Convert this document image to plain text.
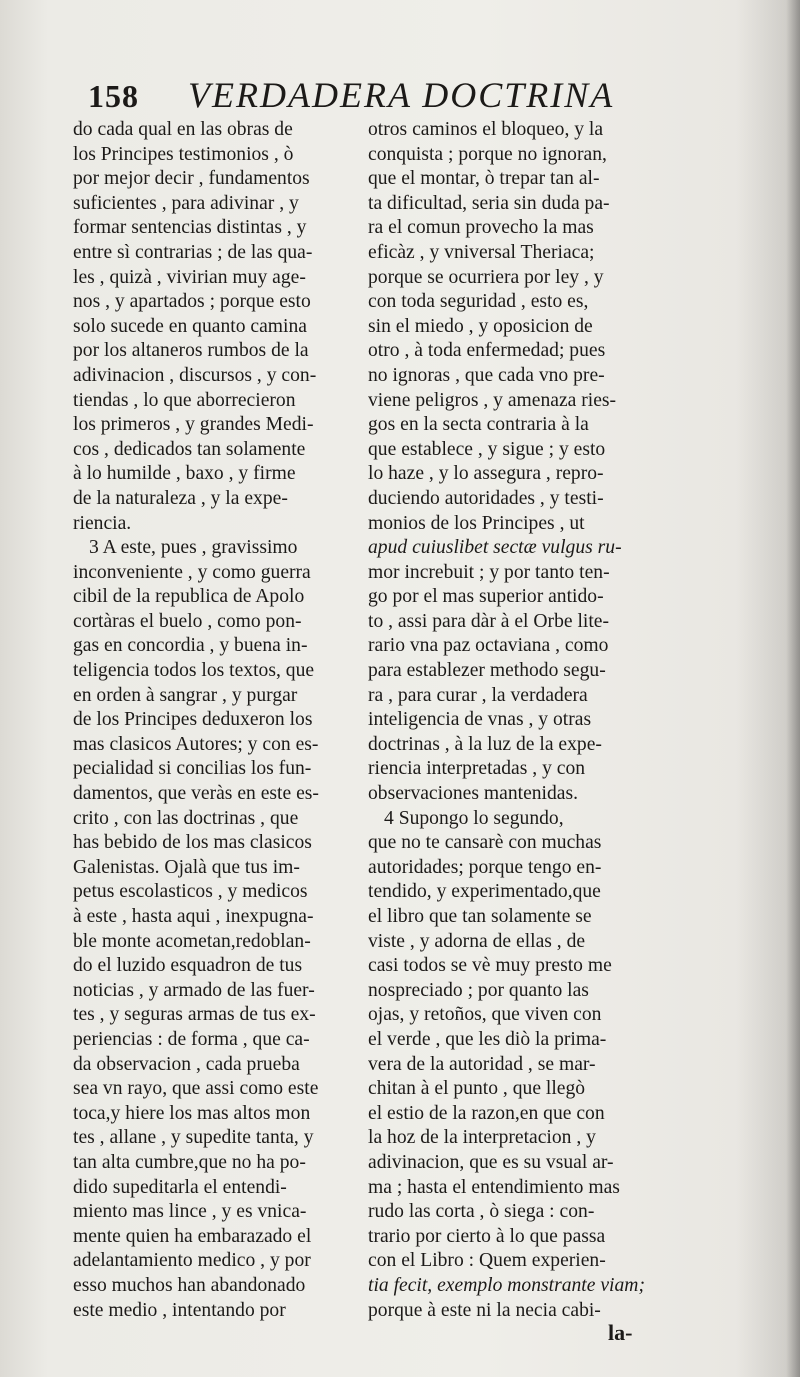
158 VERDADERA DOCTRINA
do cada qual en las obras de
los Principes testimonios , ò
por mejor decir , fundamentos
suficientes , para adivinar , y
formar sentencias distintas , y
entre sì contrarias ; de las qua-
les , quizà , vivirian muy age-
nos , y apartados ; porque esto
solo sucede en quanto camina
por los altaneros rumbos de la
adivinacion , discursos , y con-
tiendas , lo que aborrecieron
los primeros , y grandes Medi-
cos , dedicados tan solamente
à lo humilde , baxo , y firme
de la naturaleza , y la expe-
riencia.
3 A este, pues , gravissimo
inconveniente , y como guerra
cibil de la republica de Apolo
cortàras el buelo , como pon-
gas en concordia , y buena in-
teligencia todos los textos, que
en orden à sangrar , y purgar
de los Principes deduxeron los
mas clasicos Autores; y con es-
pecialidad si concilias los fun-
damentos, que veràs en este es-
crito , con las doctrinas , que
has bebido de los mas clasicos
Galenistas. Ojalà que tus im-
petus escolasticos , y medicos
à este , hasta aqui , inexpugna-
ble monte acometan,redoblan-
do el luzido esquadron de tus
noticias , y armado de las fuer-
tes , y seguras armas de tus ex-
periencias : de forma , que ca-
da observacion , cada prueba
sea vn rayo, que assi como este
toca,y hiere los mas altos mon
tes , allane , y supedite tanta, y
tan alta cumbre,que no ha po-
dido supeditarla el entendi-
miento mas lince , y es vnica-
mente quien ha embarazado el
adelantamiento medico , y por
esso muchos han abandonado
este medio , intentando por
otros caminos el bloqueo, y la
conquista ; porque no ignoran,
que el montar, ò trepar tan al-
ta dificultad, seria sin duda pa-
ra el comun provecho la mas
eficàz , y vniversal Theriaca;
porque se ocurriera por ley , y
con toda seguridad , esto es,
sin el miedo , y oposicion de
otro , à toda enfermedad; pues
no ignoras , que cada vno pre-
viene peligros , y amenaza ries-
gos en la secta contraria à la
que establece , y sigue ; y esto
lo haze , y lo assegura , repro-
duciendo autoridades , y testi-
monios de los Principes , ut
apud cuiuslibet sectæ vulgus ru-
mor increbuit ; y por tanto ten-
go por el mas superior antido-
to , assi para dàr à el Orbe lite-
rario vna paz octaviana , como
para establezer methodo segu-
ra , para curar , la verdadera
inteligencia de vnas , y otras
doctrinas , à la luz de la expe-
riencia interpretadas , y con
observaciones mantenidas.
4 Supongo lo segundo,
que no te cansarè con muchas
autoridades; porque tengo en-
tendido, y experimentado,que
el libro que tan solamente se
viste , y adorna de ellas , de
casi todos se vè muy presto me
nospreciado ; por quanto las
ojas, y retoños, que viven con
el verde , que les diò la prima-
vera de la autoridad , se mar-
chitan à el punto , que llegò
el estio de la razon,en que con
la hoz de la interpretacion , y
adivinacion, que es su vsual ar-
ma ; hasta el entendimiento mas
rudo las corta , ò siega : con-
trario por cierto à lo que passa
con el Libro : Quem experien-
tia fecit, exemplo monstrante viam;
porque à este ni la necia cabi-
la-
